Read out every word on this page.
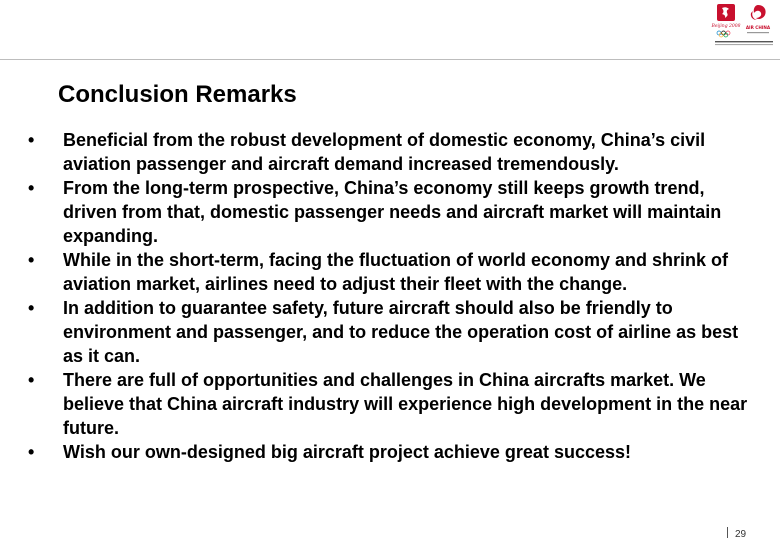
Beijing 2008 AIR CHINA
Conclusion Remarks
•	Beneficial from the robust development of domestic economy, China’s civil aviation passenger and aircraft demand increased tremendously.
•	From the long-term prospective, China’s economy still keeps growth trend, driven from that, domestic passenger needs and aircraft market will maintain expanding.
•	While in the short-term, facing the fluctuation of world economy and shrink of aviation market, airlines need to adjust their fleet with the change.
•	In addition to guarantee safety, future aircraft should also be friendly to environment and passenger, and to reduce the operation cost of airline as best as it can.
•	There are full of opportunities and challenges in China aircrafts market. We believe that China aircraft industry will experience high development in the near future.
•	Wish our own-designed big aircraft project achieve great success!
29
